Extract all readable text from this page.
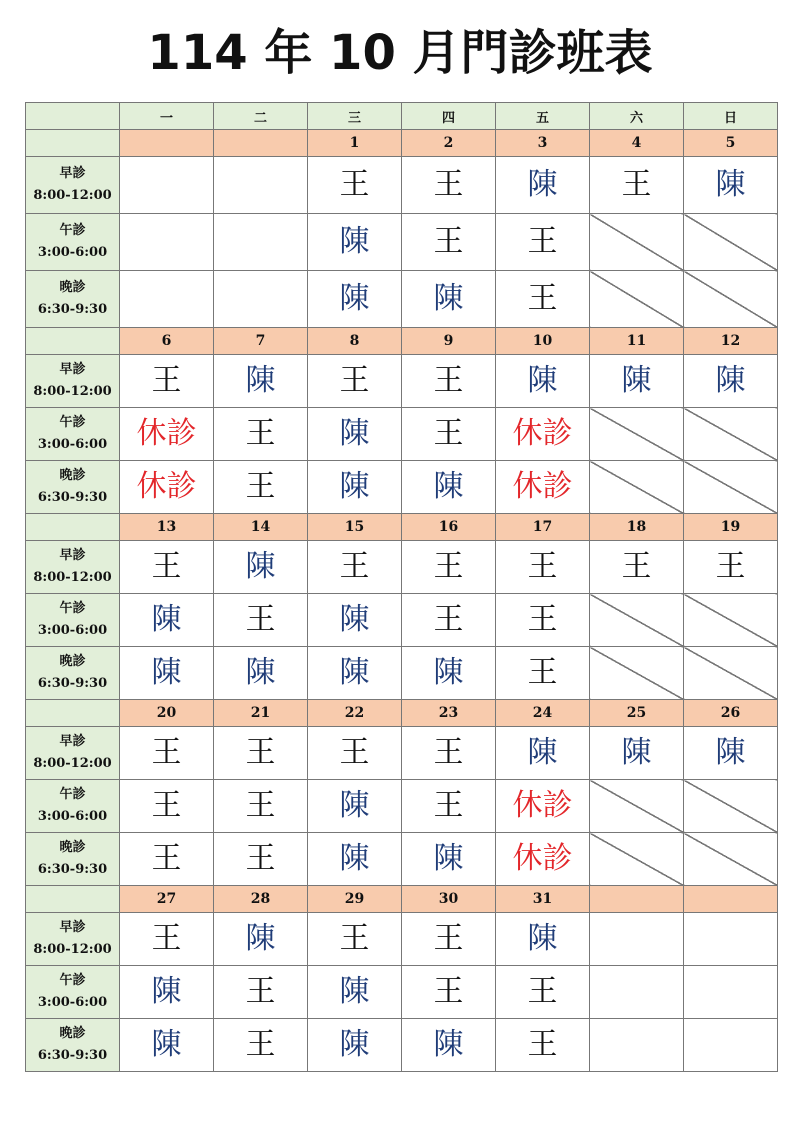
114 年 10 月門診班表
	一	二	三	四	五	六	日
			1	2	3	4	5

早診
8:00-12:00			王	王	陳	王	陳

午診
3:00-6:00			陳	王	王		

晚診
6:30-9:30			陳	陳	王		
	6	7	8	9	10	11	12

早診
8:00-12:00	王	陳	王	王	陳	陳	陳

午診
3:00-6:00	休診	王	陳	王	休診		

晚診
6:30-9:30	休診	王	陳	陳	休診		
	13	14	15	16	17	18	19

早診
8:00-12:00	王	陳	王	王	王	王	王

午診
3:00-6:00	陳	王	陳	王	王		

晚診
6:30-9:30	陳	陳	陳	陳	王		
	20	21	22	23	24	25	26

早診
8:00-12:00	王	王	王	王	陳	陳	陳

午診
3:00-6:00	王	王	陳	王	休診		

晚診
6:30-9:30	王	王	陳	陳	休診		
	27	28	29	30	31		

早診
8:00-12:00	王	陳	王	王	陳		

午診
3:00-6:00	陳	王	陳	王	王		

晚診
6:30-9:30	陳	王	陳	陳	王		
